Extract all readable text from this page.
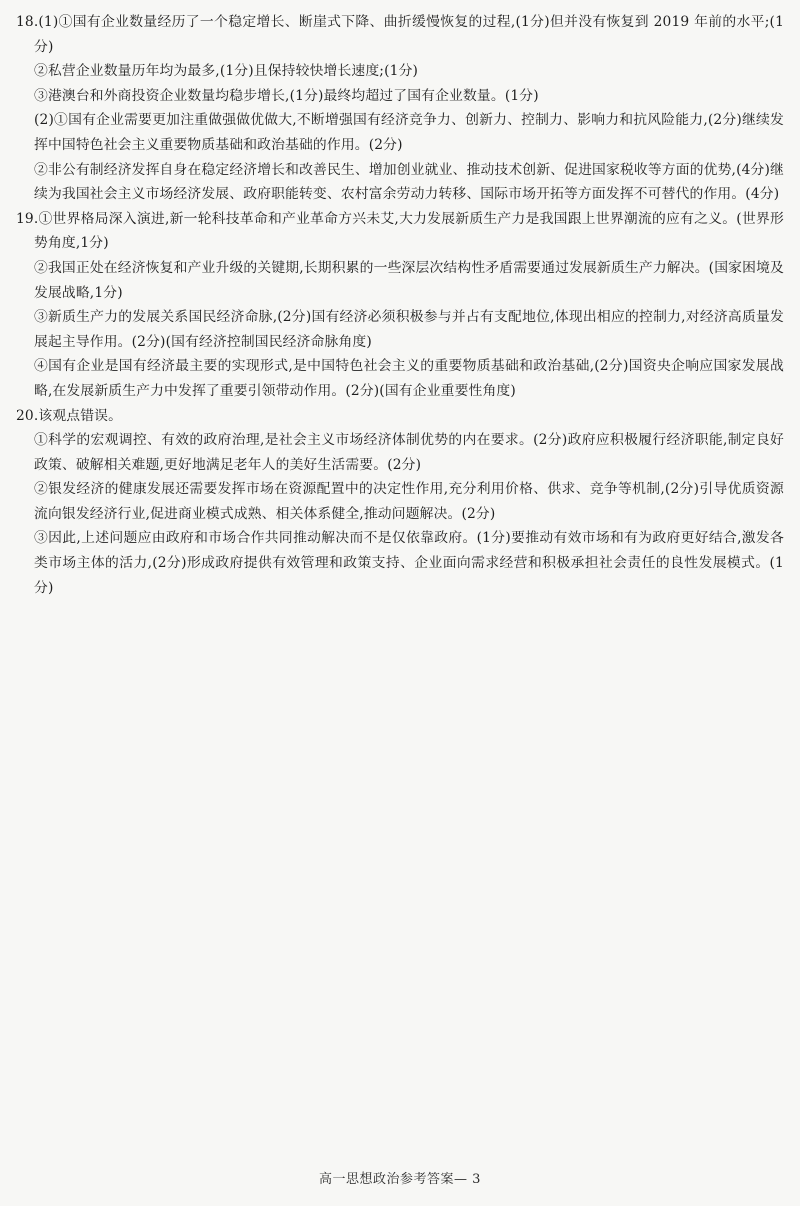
18.(1)①国有企业数量经历了一个稳定增长、断崖式下降、曲折缓慢恢复的过程,(1分)但并没有恢复到 2019 年前的水平;(1分)

②私营企业数量历年均为最多,(1分)且保持较快增长速度;(1分)

③港澳台和外商投资企业数量均稳步增长,(1分)最终均超过了国有企业数量。(1分)

(2)①国有企业需要更加注重做强做优做大,不断增强国有经济竞争力、创新力、控制力、影响力和抗风险能力,(2分)继续发挥中国特色社会主义重要物质基础和政治基础的作用。(2分)

②非公有制经济发挥自身在稳定经济增长和改善民生、增加创业就业、推动技术创新、促进国家税收等方面的优势,(4分)继续为我国社会主义市场经济发展、政府职能转变、农村富余劳动力转移、国际市场开拓等方面发挥不可替代的作用。(4分)

19.①世界格局深入演进,新一轮科技革命和产业革命方兴未艾,大力发展新质生产力是我国跟上世界潮流的应有之义。(世界形势角度,1分)

②我国正处在经济恢复和产业升级的关键期,长期积累的一些深层次结构性矛盾需要通过发展新质生产力解决。(国家困境及发展战略,1分)

③新质生产力的发展关系国民经济命脉,(2分)国有经济必须积极参与并占有支配地位,体现出相应的控制力,对经济高质量发展起主导作用。(2分)(国有经济控制国民经济命脉角度)

④国有企业是国有经济最主要的实现形式,是中国特色社会主义的重要物质基础和政治基础,(2分)国资央企响应国家发展战略,在发展新质生产力中发挥了重要引领带动作用。(2分)(国有企业重要性角度)

20.该观点错误。

①科学的宏观调控、有效的政府治理,是社会主义市场经济体制优势的内在要求。(2分)政府应积极履行经济职能,制定良好政策、破解相关难题,更好地满足老年人的美好生活需要。(2分)

②银发经济的健康发展还需要发挥市场在资源配置中的决定性作用,充分利用价格、供求、竞争等机制,(2分)引导优质资源流向银发经济行业,促进商业模式成熟、相关体系健全,推动问题解决。(2分)

③因此,上述问题应由政府和市场合作共同推动解决而不是仅依靠政府。(1分)要推动有效市场和有为政府更好结合,激发各类市场主体的活力,(2分)形成政府提供有效管理和政策支持、企业面向需求经营和积极承担社会责任的良性发展模式。(1分)

高一思想政治参考答案— 3
